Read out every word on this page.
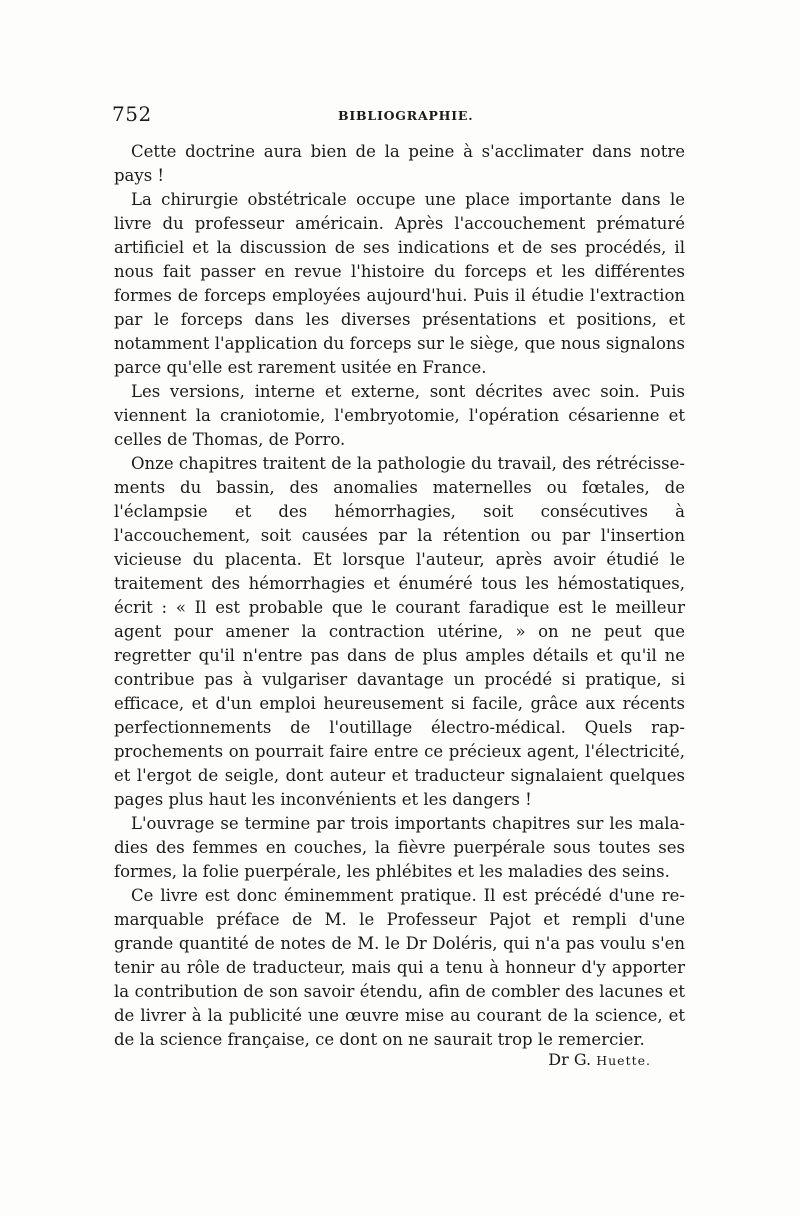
752	BIBLIOGRAPHIE.

Cette doctrine aura bien de la peine à s'acclimater dans notre pays !

La chirurgie obstétricale occupe une place importante dans le livre du professeur américain. Après l'accouchement prématuré artificiel et la discussion de ses indications et de ses procédés, il nous fait passer en revue l'histoire du forceps et les différentes formes de forceps employées aujourd'hui. Puis il étudie l'extraction par le forceps dans les diverses présentations et positions, et notamment l'application du forceps sur le siège, que nous signalons parce qu'elle est rarement usitée en France.

Les versions, interne et externe, sont décrites avec soin. Puis viennent la craniotomie, l'embryotomie, l'opération césarienne et celles de Thomas, de Porro.

Onze chapitres traitent de la pathologie du travail, des rétrécissements du bassin, des anomalies maternelles ou fœtales, de l'éclampsie et des hémorrhagies, soit consécutives à l'accouchement, soit causées par la rétention ou par l'insertion vicieuse du placenta. Et lorsque l'auteur, après avoir étudié le traitement des hémorrhagies et énuméré tous les hémostatiques, écrit : « Il est probable que le courant faradique est le meilleur agent pour amener la contraction utérine, » on ne peut que regretter qu'il n'entre pas dans de plus amples détails et qu'il ne contribue pas à vulgariser davantage un procédé si pratique, si efficace, et d'un emploi heureusement si facile, grâce aux récents perfectionnements de l'outillage électro-médical. Quels rapprochements on pourrait faire entre ce précieux agent, l'électricité, et l'ergot de seigle, dont auteur et traducteur signalaient quelques pages plus haut les inconvénients et les dangers !

L'ouvrage se termine par trois importants chapitres sur les maladies des femmes en couches, la fièvre puerpérale sous toutes ses formes, la folie puerpérale, les phlébites et les maladies des seins.

Ce livre est donc éminemment pratique. Il est précédé d'une remarquable préface de M. le Professeur Pajot et rempli d'une grande quantité de notes de M. le Dr Doléris, qui n'a pas voulu s'en tenir au rôle de traducteur, mais qui a tenu à honneur d'y apporter la contribution de son savoir étendu, afin de combler des lacunes et de livrer à la publicité une œuvre mise au courant de la science, et de la science française, ce dont on ne saurait trop le remercier.

Dr G. Huette.
